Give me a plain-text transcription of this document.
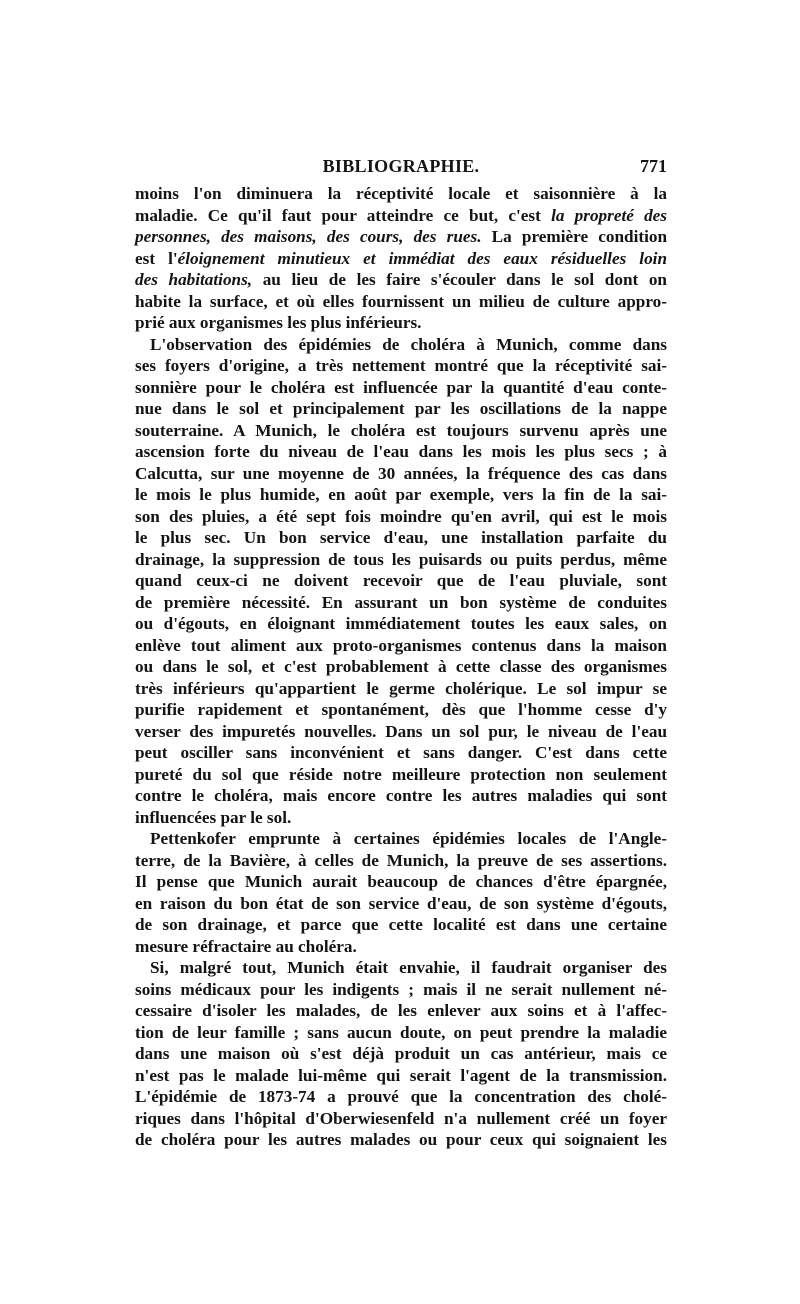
BIBLIOGRAPHIE.	771
moins l'on diminuera la réceptivité locale et saisonnière à la
maladie. Ce qu'il faut pour atteindre ce but, c'est la propreté des
personnes, des maisons, des cours, des rues. La première condition
est l'éloignement minutieux et immédiat des eaux résiduelles loin
des habitations, au lieu de les faire s'écouler dans le sol dont on
habite la surface, et où elles fournissent un milieu de culture appro-
prié aux organismes les plus inférieurs.
L'observation des épidémies de choléra à Munich, comme dans
ses foyers d'origine, a très nettement montré que la réceptivité sai-
sonnière pour le choléra est influencée par la quantité d'eau conte-
nue dans le sol et principalement par les oscillations de la nappe
souterraine. A Munich, le choléra est toujours survenu après une
ascension forte du niveau de l'eau dans les mois les plus secs ; à
Calcutta, sur une moyenne de 30 années, la fréquence des cas dans
le mois le plus humide, en août par exemple, vers la fin de la sai-
son des pluies, a été sept fois moindre qu'en avril, qui est le mois
le plus sec. Un bon service d'eau, une installation parfaite du
drainage, la suppression de tous les puisards ou puits perdus, même
quand ceux-ci ne doivent recevoir que de l'eau pluviale, sont
de première nécessité. En assurant un bon système de conduites
ou d'égouts, en éloignant immédiatement toutes les eaux sales, on
enlève tout aliment aux proto-organismes contenus dans la maison
ou dans le sol, et c'est probablement à cette classe des organismes
très inférieurs qu'appartient le germe cholérique. Le sol impur se
purifie rapidement et spontanément, dès que l'homme cesse d'y
verser des impuretés nouvelles. Dans un sol pur, le niveau de l'eau
peut osciller sans inconvénient et sans danger. C'est dans cette
pureté du sol que réside notre meilleure protection non seulement
contre le choléra, mais encore contre les autres maladies qui sont
influencées par le sol.
Pettenkofer emprunte à certaines épidémies locales de l'Angle-
terre, de la Bavière, à celles de Munich, la preuve de ses assertions.
Il pense que Munich aurait beaucoup de chances d'être épargnée,
en raison du bon état de son service d'eau, de son système d'égouts,
de son drainage, et parce que cette localité est dans une certaine
mesure réfractaire au choléra.
Si, malgré tout, Munich était envahie, il faudrait organiser des
soins médicaux pour les indigents ; mais il ne serait nullement né-
cessaire d'isoler les malades, de les enlever aux soins et à l'affec-
tion de leur famille ; sans aucun doute, on peut prendre la maladie
dans une maison où s'est déjà produit un cas antérieur, mais ce
n'est pas le malade lui-même qui serait l'agent de la transmission.
L'épidémie de 1873-74 a prouvé que la concentration des cholé-
riques dans l'hôpital d'Oberwiesenfeld n'a nullement créé un foyer
de choléra pour les autres malades ou pour ceux qui soignaient les
